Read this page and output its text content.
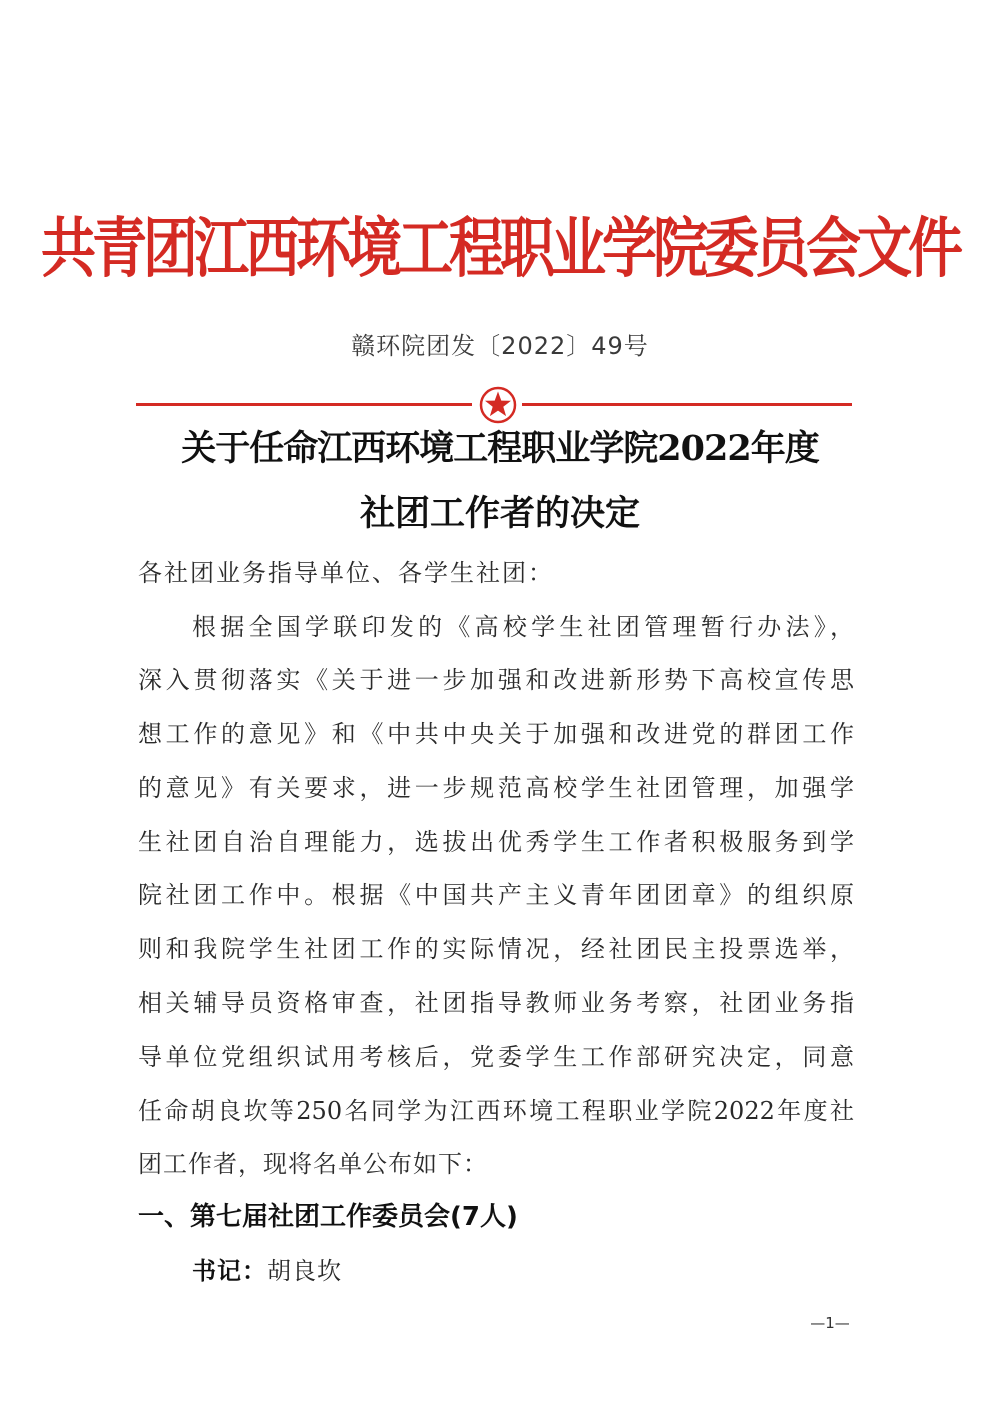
共青团江西环境工程职业学院委员会文件
赣环院团发〔2022〕49号
关于任命江西环境工程职业学院2022年度
社团工作者的决定
各社团业务指导单位、各学生社团：
根据全国学联印发的《高校学生社团管理暂行办法》，
深入贯彻落实《关于进一步加强和改进新形势下高校宣传思
想工作的意见》和《中共中央关于加强和改进党的群团工作
的意见》有关要求，进一步规范高校学生社团管理，加强学
生社团自治自理能力，选拔出优秀学生工作者积极服务到学
院社团工作中。根据《中国共产主义青年团团章》的组织原
则和我院学生社团工作的实际情况，经社团民主投票选举，
相关辅导员资格审查，社团指导教师业务考察，社团业务指
导单位党组织试用考核后，党委学生工作部研究决定，同意
任命胡良坎等250名同学为江西环境工程职业学院2022年度社
团工作者，现将名单公布如下：
一、第七届社团工作委员会(7人)
书记：胡良坎
—1—
